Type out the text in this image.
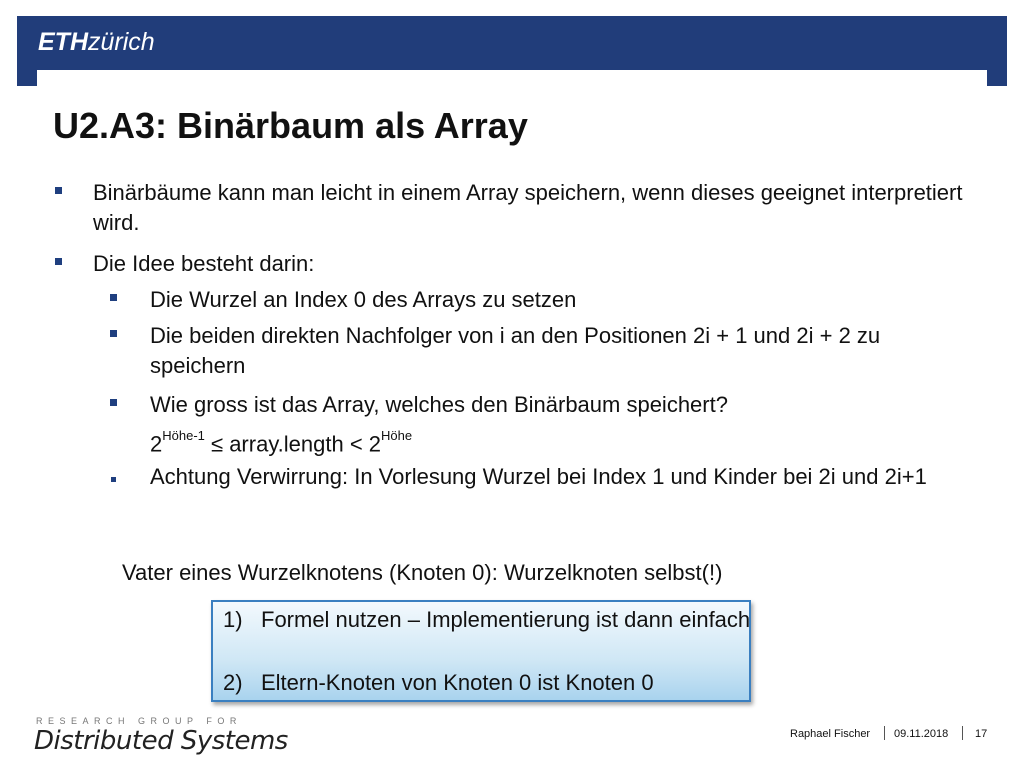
ETHzürich
U2.A3: Binärbaum als Array
Binärbäume kann man leicht in einem Array speichern, wenn dieses geeignet interpretiert wird.
Die Idee besteht darin:
Die Wurzel an Index 0 des Arrays zu setzen
Die beiden direkten Nachfolger von i an den Positionen 2i + 1 und 2i + 2 zu speichern
Wie gross ist das Array, welches den Binärbaum speichert?
$2^{Höhe-1}$ ≤ array.length < $2^{Höhe}$
Achtung Verwirrung: In Vorlesung Wurzel bei Index 1 und Kinder bei 2i und 2i+1
Vater eines Wurzelknotens (Knoten 0): Wurzelknoten selbst(!)
1) Formel nutzen – Implementierung ist dann einfach
2) Eltern-Knoten von Knoten 0 ist Knoten 0
RESEARCH GROUP FOR
Distributed Systems	Raphael Fischer 09.11.2018 17
